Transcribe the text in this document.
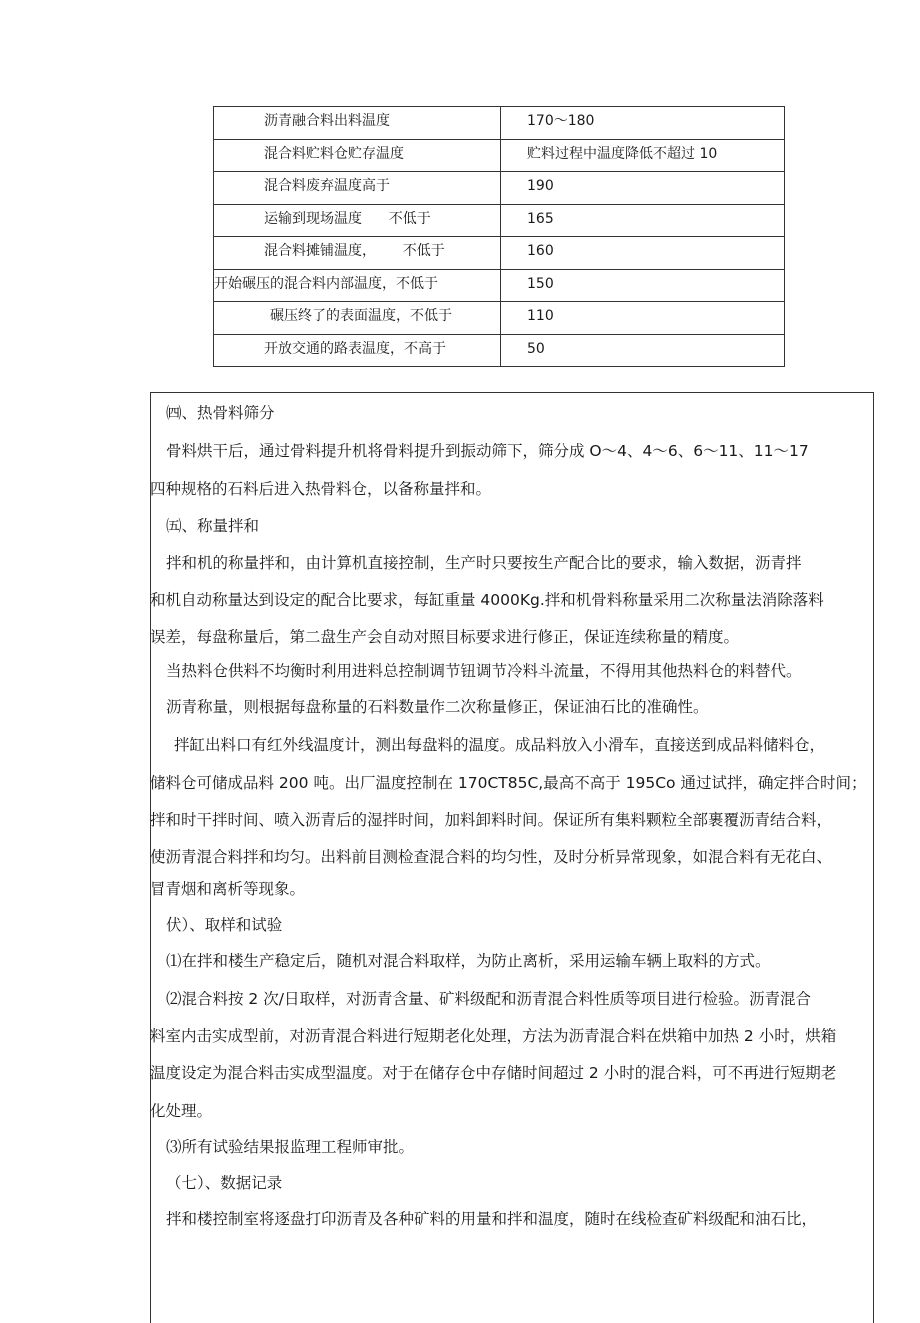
沥青融合料出料温度	170～180

混合料贮料仓贮存温度	贮料过程中温度降低不超过 10

混合料废弃温度高于	190

运输到现场温度      不低于	165

混合料摊铺温度，      不低于	160

开始碾压的混合料内部温度，不低于	150

碾压终了的表面温度，不低于	110

开放交通的路表温度，不高于	50
㈣、热骨料筛分
骨料烘干后，通过骨料提升机将骨料提升到振动筛下，筛分成 O～4、4～6、6～11、11～17
四种规格的石料后进入热骨料仓，以备称量拌和。
㈤、称量拌和
拌和机的称量拌和，由计算机直接控制，生产时只要按生产配合比的要求，输入数据，沥青拌
和机自动称量达到设定的配合比要求，每缸重量 4000Kg.拌和机骨料称量采用二次称量法消除落料
误差，每盘称量后，第二盘生产会自动对照目标要求进行修正，保证连续称量的精度。
当热料仓供料不均衡时利用进料总控制调节钮调节冷料斗流量，不得用其他热料仓的料替代。
沥青称量，则根据每盘称量的石料数量作二次称量修正，保证油石比的准确性。
拌缸出料口有红外线温度计，测出每盘料的温度。成品料放入小滑车，直接送到成品料储料仓，
储料仓可储成品料 200 吨。出厂温度控制在 170CT85C,最高不高于 195Co 通过试拌，确定拌合时间；
拌和时干拌时间、喷入沥青后的湿拌时间，加料卸料时间。保证所有集料颗粒全部裹覆沥青结合料，
使沥青混合料拌和均匀。出料前目测检查混合料的均匀性，及时分析异常现象，如混合料有无花白、
冒青烟和离析等现象。
伏）、取样和试验
⑴在拌和楼生产稳定后，随机对混合料取样，为防止离析，采用运输车辆上取料的方式。
⑵混合料按 2 次/日取样，对沥青含量、矿料级配和沥青混合料性质等项目进行检验。沥青混合
料室内击实成型前，对沥青混合料进行短期老化处理，方法为沥青混合料在烘箱中加热 2 小时，烘箱
温度设定为混合料击实成型温度。对于在储存仓中存储时间超过 2 小时的混合料，可不再进行短期老
化处理。
⑶所有试验结果报监理工程师审批。
（七）、数据记录
拌和楼控制室将逐盘打印沥青及各种矿料的用量和拌和温度，随时在线检查矿料级配和油石比，
